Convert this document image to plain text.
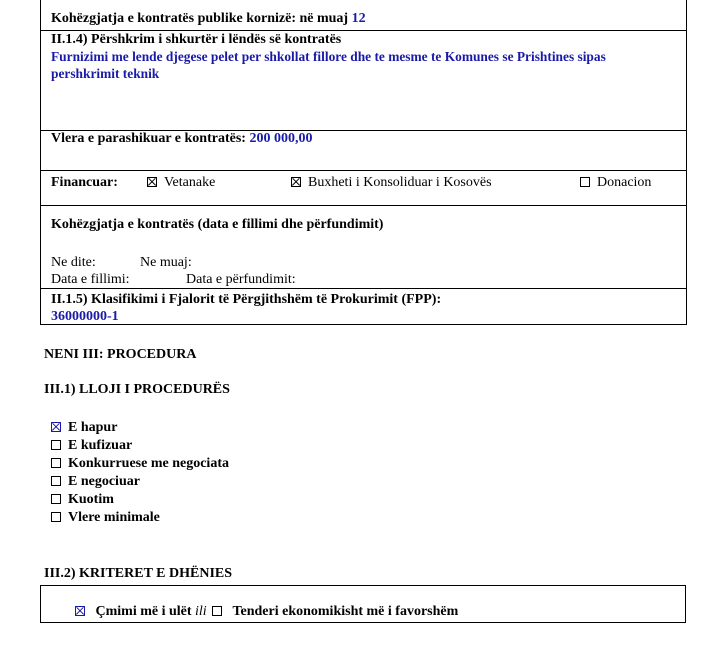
Kohëzgjatja e kontratës publike kornizë: në muaj 12
II.1.4) Përshkrim i shkurtër i lëndës së kontratës
Furnizimi me lende djegese pelet per shkollat fillore dhe te mesme te Komunes se Prishtines sipas
pershkrimit teknik
Vlera e parashikuar e kontratës: 200 000,00
Financuar:	Vetanake	Buxheti i Konsoliduar i Kosovës	Donacion
Kohëzgjatja e kontratës (data e fillimi dhe përfundimit)
Ne dite:	Ne muaj:
Data e fillimi:	Data e përfundimit:
II.1.5) Klasifikimi i Fjalorit të Përgjithshëm të Prokurimit (FPP):
36000000-1
NENI III: PROCEDURA
III.1) LLOJI I PROCEDURËS
E hapur
E kufizuar
Konkurruese me negociata
E negociuar
Kuotim
Vlere minimale
III.2) KRITERET E DHËNIES
Çmimi më i ulët ili Tenderi ekonomikisht më i favorshëm
